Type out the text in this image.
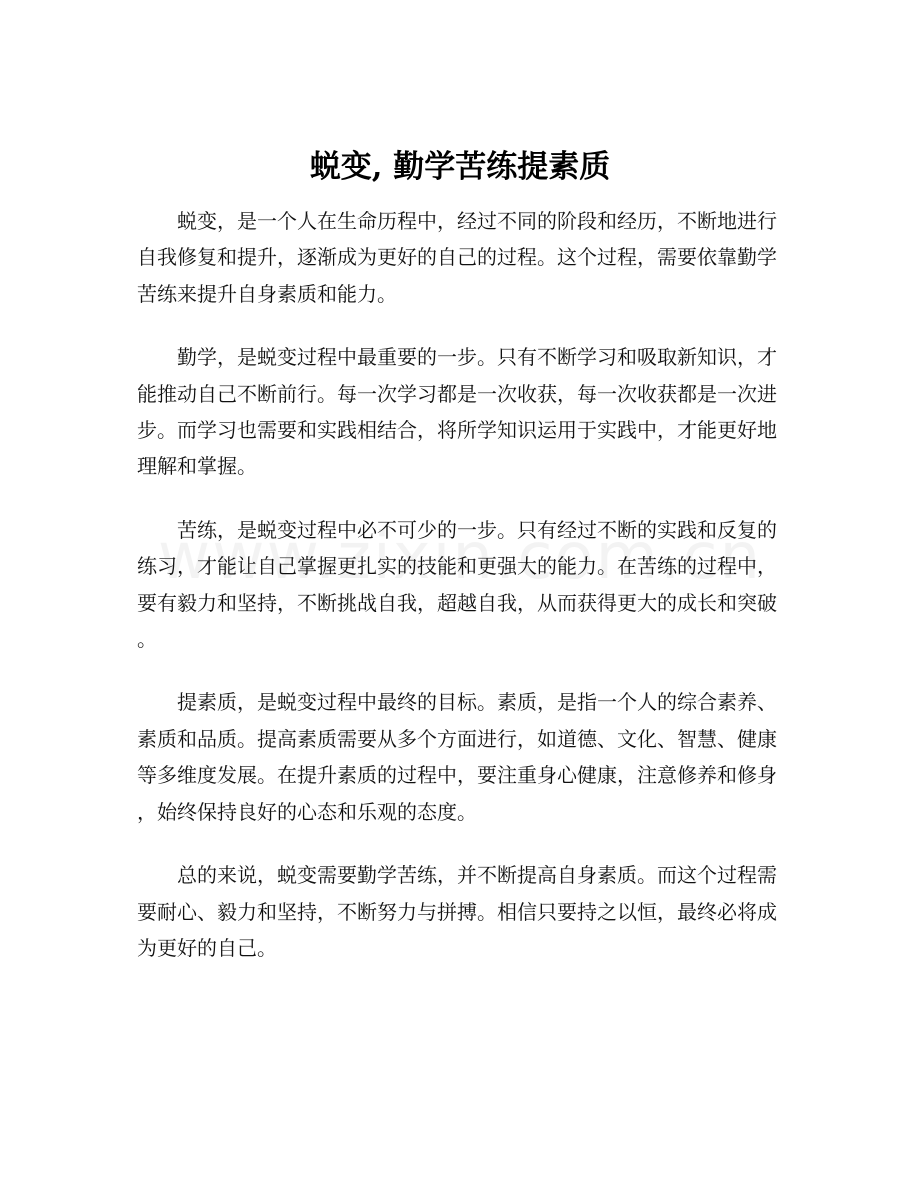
蜕变, 勤学苦练提素质

蜕变，是一个人在生命历程中，经过不同的阶段和经历，不断地进行自我修复和提升，逐渐成为更好的自己的过程。这个过程，需要依靠勤学苦练来提升自身素质和能力。

勤学，是蜕变过程中最重要的一步。只有不断学习和吸取新知识，才能推动自己不断前行。每一次学习都是一次收获，每一次收获都是一次进步。而学习也需要和实践相结合，将所学知识运用于实践中，才能更好地理解和掌握。

苦练，是蜕变过程中必不可少的一步。只有经过不断的实践和反复的练习，才能让自己掌握更扎实的技能和更强大的能力。在苦练的过程中，要有毅力和坚持，不断挑战自我，超越自我，从而获得更大的成长和突破。

提素质，是蜕变过程中最终的目标。素质，是指一个人的综合素养、素质和品质。提高素质需要从多个方面进行，如道德、文化、智慧、健康等多维度发展。在提升素质的过程中，要注重身心健康，注意修养和修身，始终保持良好的心态和乐观的态度。

总的来说，蜕变需要勤学苦练，并不断提高自身素质。而这个过程需要耐心、毅力和坚持，不断努力与拼搏。相信只要持之以恒，最终必将成为更好的自己。
